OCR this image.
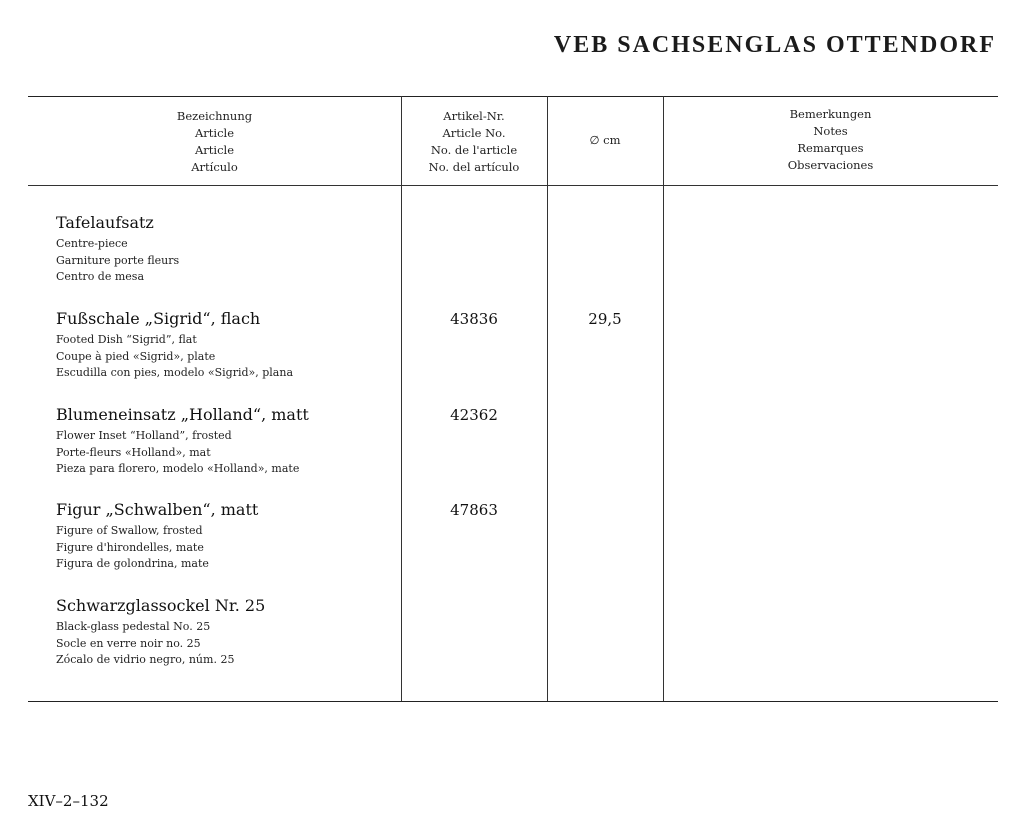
VEB SACHSENGLAS OTTENDORF
Bezeichnung
Article
Article
Artículo
Artikel-Nr.
Article No.
No. de l'article
No. del artículo
∅ cm
Bemerkungen
Notes
Remarques
Observaciones
Tafelaufsatz
Centre-piece
Garniture porte fleurs
Centro de mesa
Fußschale „Sigrid“, flach
Footed Dish “Sigrid”, flat
Coupe à pied «Sigrid», plate
Escudilla con pies, modelo «Sigrid», plana
43836	29,5
Blumeneinsatz „Holland“, matt
Flower Inset “Holland”, frosted
Porte-fleurs «Holland», mat
Pieza para florero, modelo «Holland», mate
42362
Figur „Schwalben“, matt
Figure of Swallow, frosted
Figure d'hirondelles, mate
Figura de golondrina, mate
47863
Schwarzglassockel Nr. 25
Black-glass pedestal No. 25
Socle en verre noir no. 25
Zócalo de vidrio negro, núm. 25
XIV–2–132
